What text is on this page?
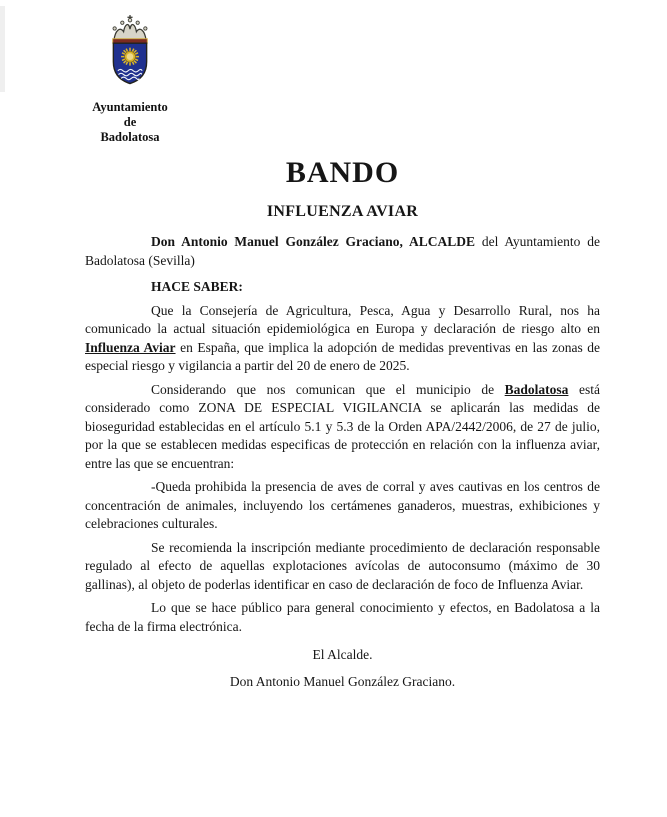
Ayuntamiento
de
Badolatosa
BANDO
INFLUENZA AVIAR

Don Antonio Manuel González Graciano, ALCALDE del Ayuntamiento de Badolatosa (Sevilla)

HACE SABER:

Que la Consejería de Agricultura, Pesca, Agua y Desarrollo Rural, nos ha comunicado la actual situación epidemiológica en Europa y declaración de riesgo alto en Influenza Aviar en España, que implica la adopción de medidas preventivas en las zonas de especial riesgo y vigilancia a partir del 20 de enero de 2025.

Considerando que nos comunican que el municipio de Badolatosa está considerado como ZONA DE ESPECIAL VIGILANCIA se aplicarán las medidas de bioseguridad establecidas en el artículo 5.1 y 5.3 de la Orden APA/2442/2006, de 27 de julio, por la que se establecen medidas especificas de protección en relación con la influenza aviar, entre las que se encuentran:

-Queda prohibida la presencia de aves de corral y aves cautivas en los centros de concentración de animales, incluyendo los certámenes ganaderos, muestras, exhibiciones y celebraciones culturales.

Se recomienda la inscripción mediante procedimiento de declaración responsable regulado al efecto de aquellas explotaciones avícolas de autoconsumo (máximo de 30 gallinas), al objeto de poderlas identificar en caso de declaración de foco de Influenza Aviar.

Lo que se hace público para general conocimiento y efectos, en Badolatosa a la fecha de la firma electrónica.

El Alcalde.

Don Antonio Manuel González Graciano.
